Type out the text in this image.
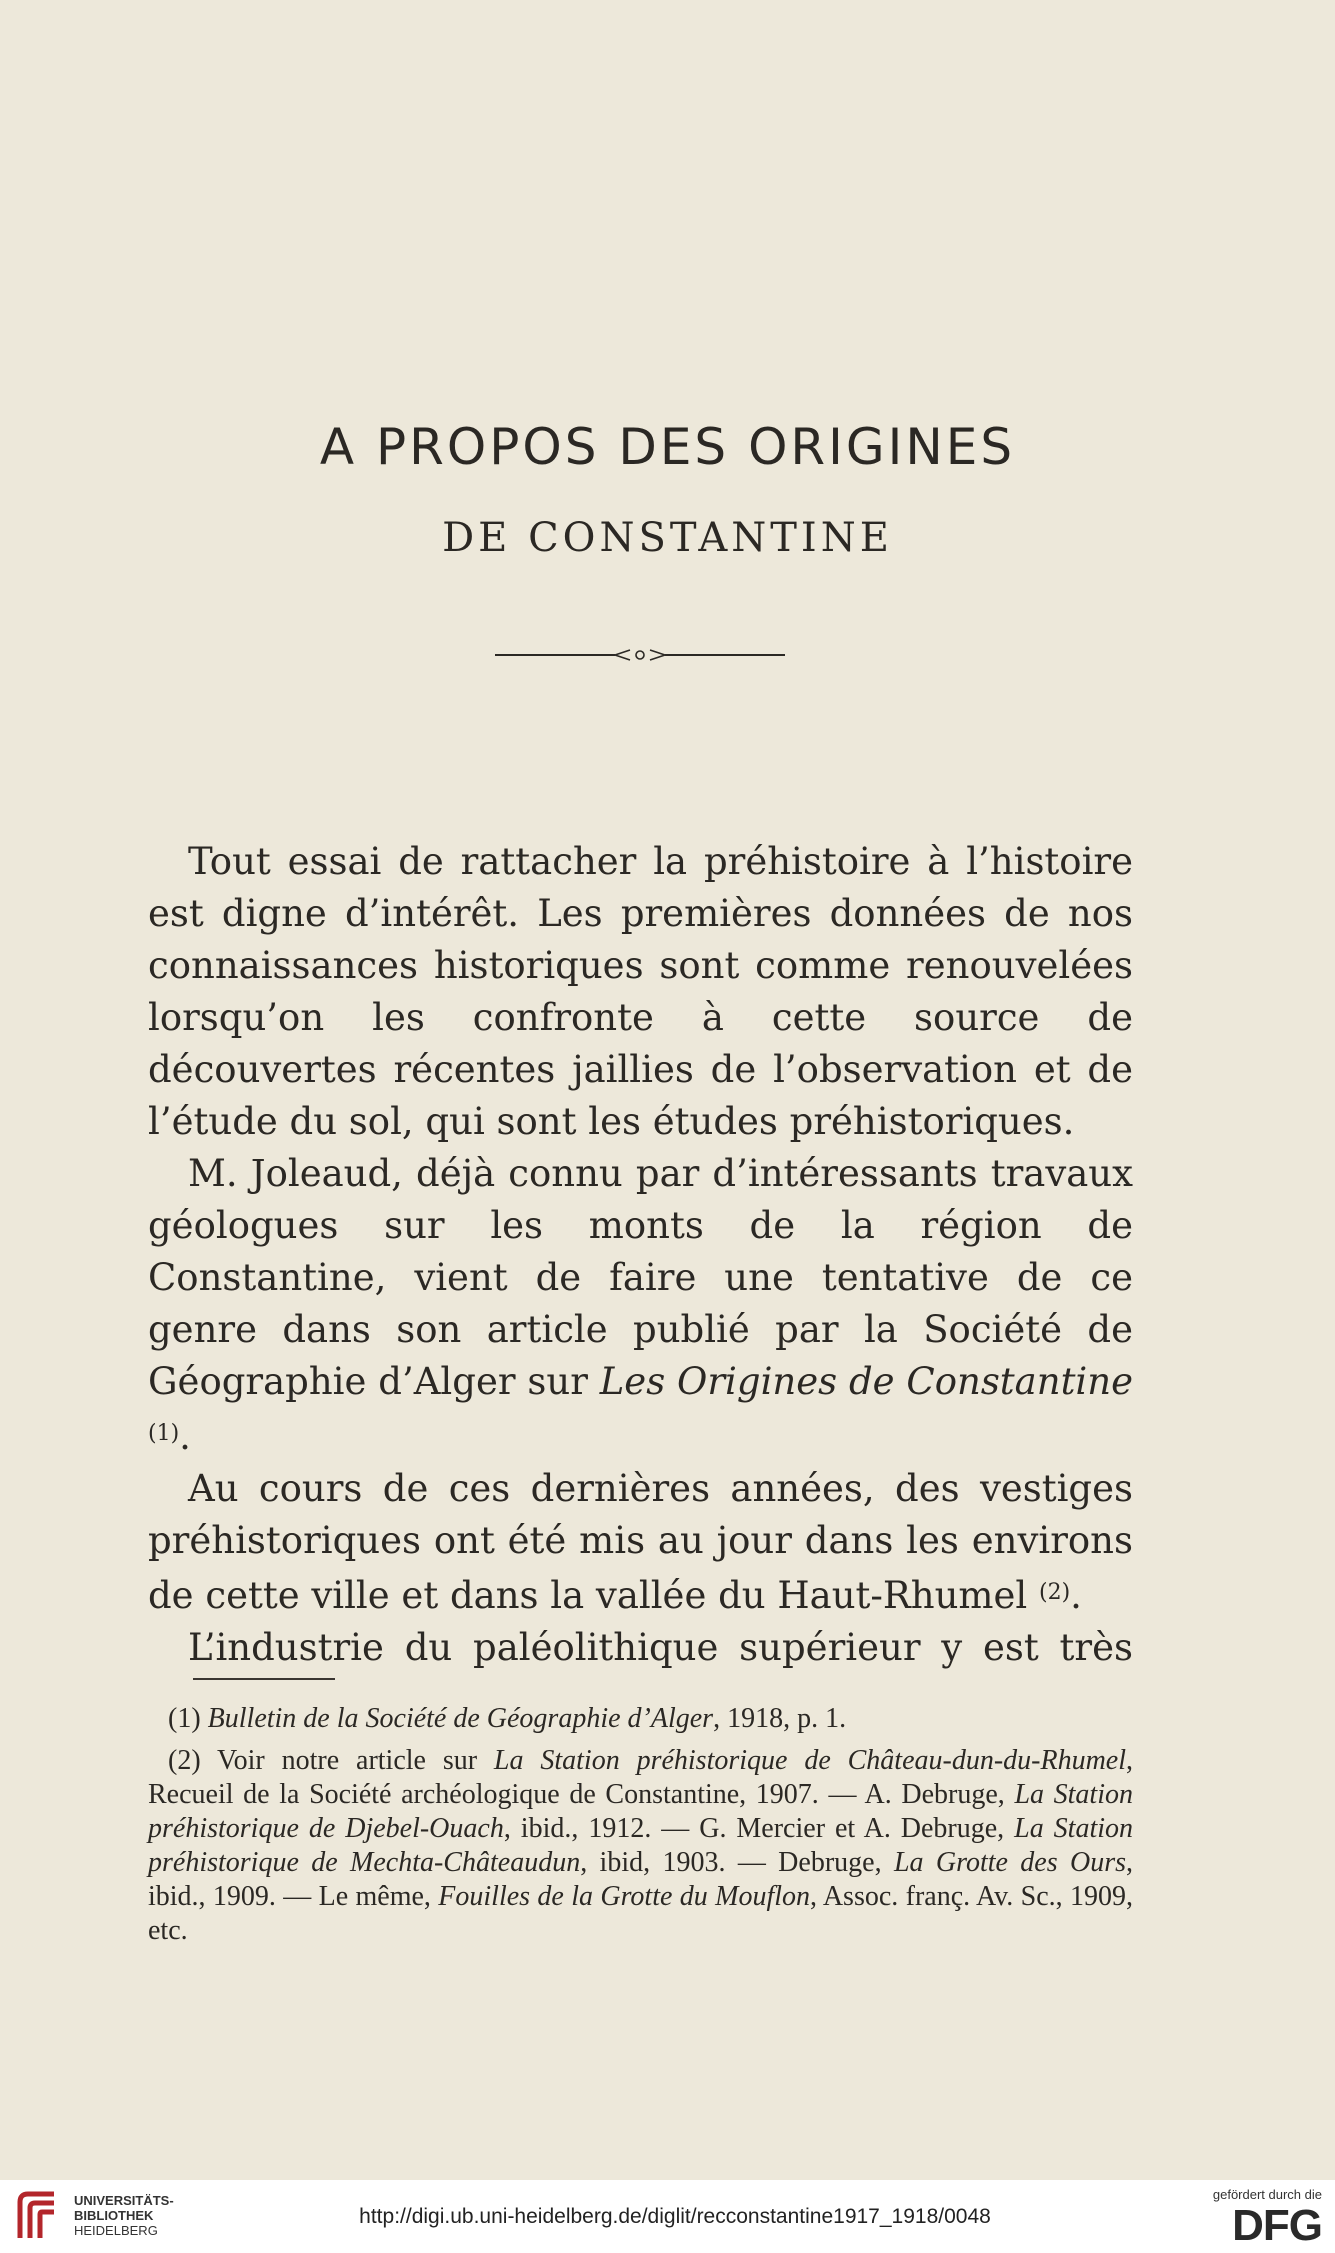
A PROPOS DES ORIGINES
DE CONSTANTINE

Tout essai de rattacher la préhistoire à l’histoire est digne d’intérêt. Les premières données de nos connaissances historiques sont comme renouvelées lorsqu’on les confronte à cette source de découvertes récentes jaillies de l’observation et de l’étude du sol, qui sont les études préhistoriques.

M. Joleaud, déjà connu par d’intéressants travaux géologues sur les monts de la région de Constantine, vient de faire une tentative de ce genre dans son article publié par la Société de Géographie d’Alger sur Les Origines de Constantine $^{(1)}$.

Au cours de ces dernières années, des vestiges préhistoriques ont été mis au jour dans les environs de cette ville et dans la vallée du Haut-Rhumel $^{(2)}$.

L’industrie du paléolithique supérieur y est très

(1) Bulletin de la Société de Géographie d’Alger, 1918, p. 1.

(2) Voir notre article sur La Station préhistorique de Château-dun-du-Rhumel, Recueil de la Société archéologique de Constantine, 1907. — A. Debruge, La Station préhistorique de Djebel-Ouach, ibid., 1912. — G. Mercier et A. Debruge, La Station préhistorique de Mechta-Châteaudun, ibid, 1903. — Debruge, La Grotte des Ours, ibid., 1909. — Le même, Fouilles de la Grotte du Mouflon, Assoc. franç. Av. Sc., 1909, etc.

UNIVERSITÄTS-
BIBLIOTHEK
HEIDELBERG
http://digi.ub.uni-heidelberg.de/diglit/recconstantine1917_1918/0048
gefördert durch die
DFG
